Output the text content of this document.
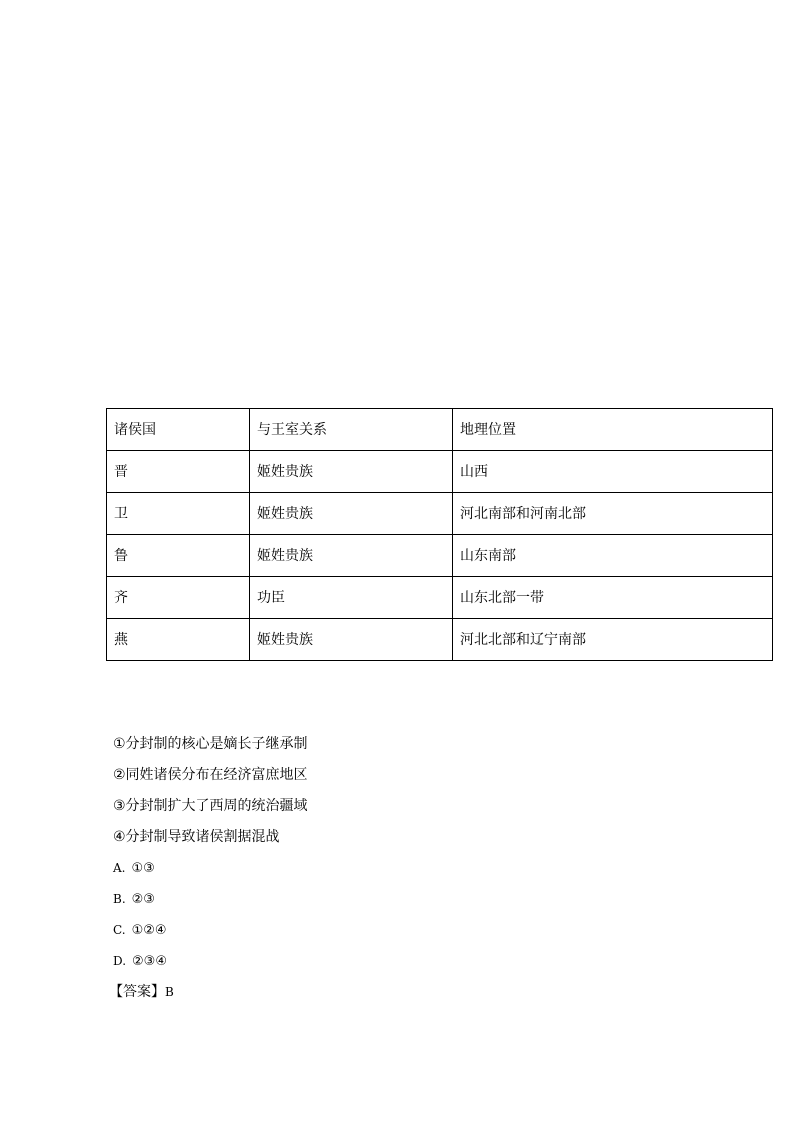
诸侯国	与王室关系	地理位置
晋	姬姓贵族	山西
卫	姬姓贵族	河北南部和河南北部
鲁	姬姓贵族	山东南部
齐	功臣	山东北部一带
燕	姬姓贵族	河北北部和辽宁南部
①分封制的核心是嫡长子继承制
②同姓诸侯分布在经济富庶地区
③分封制扩大了西周的统治疆域
④分封制导致诸侯割据混战
A. ①③
B. ②③
C. ①②④
D. ②③④
【答案】B
